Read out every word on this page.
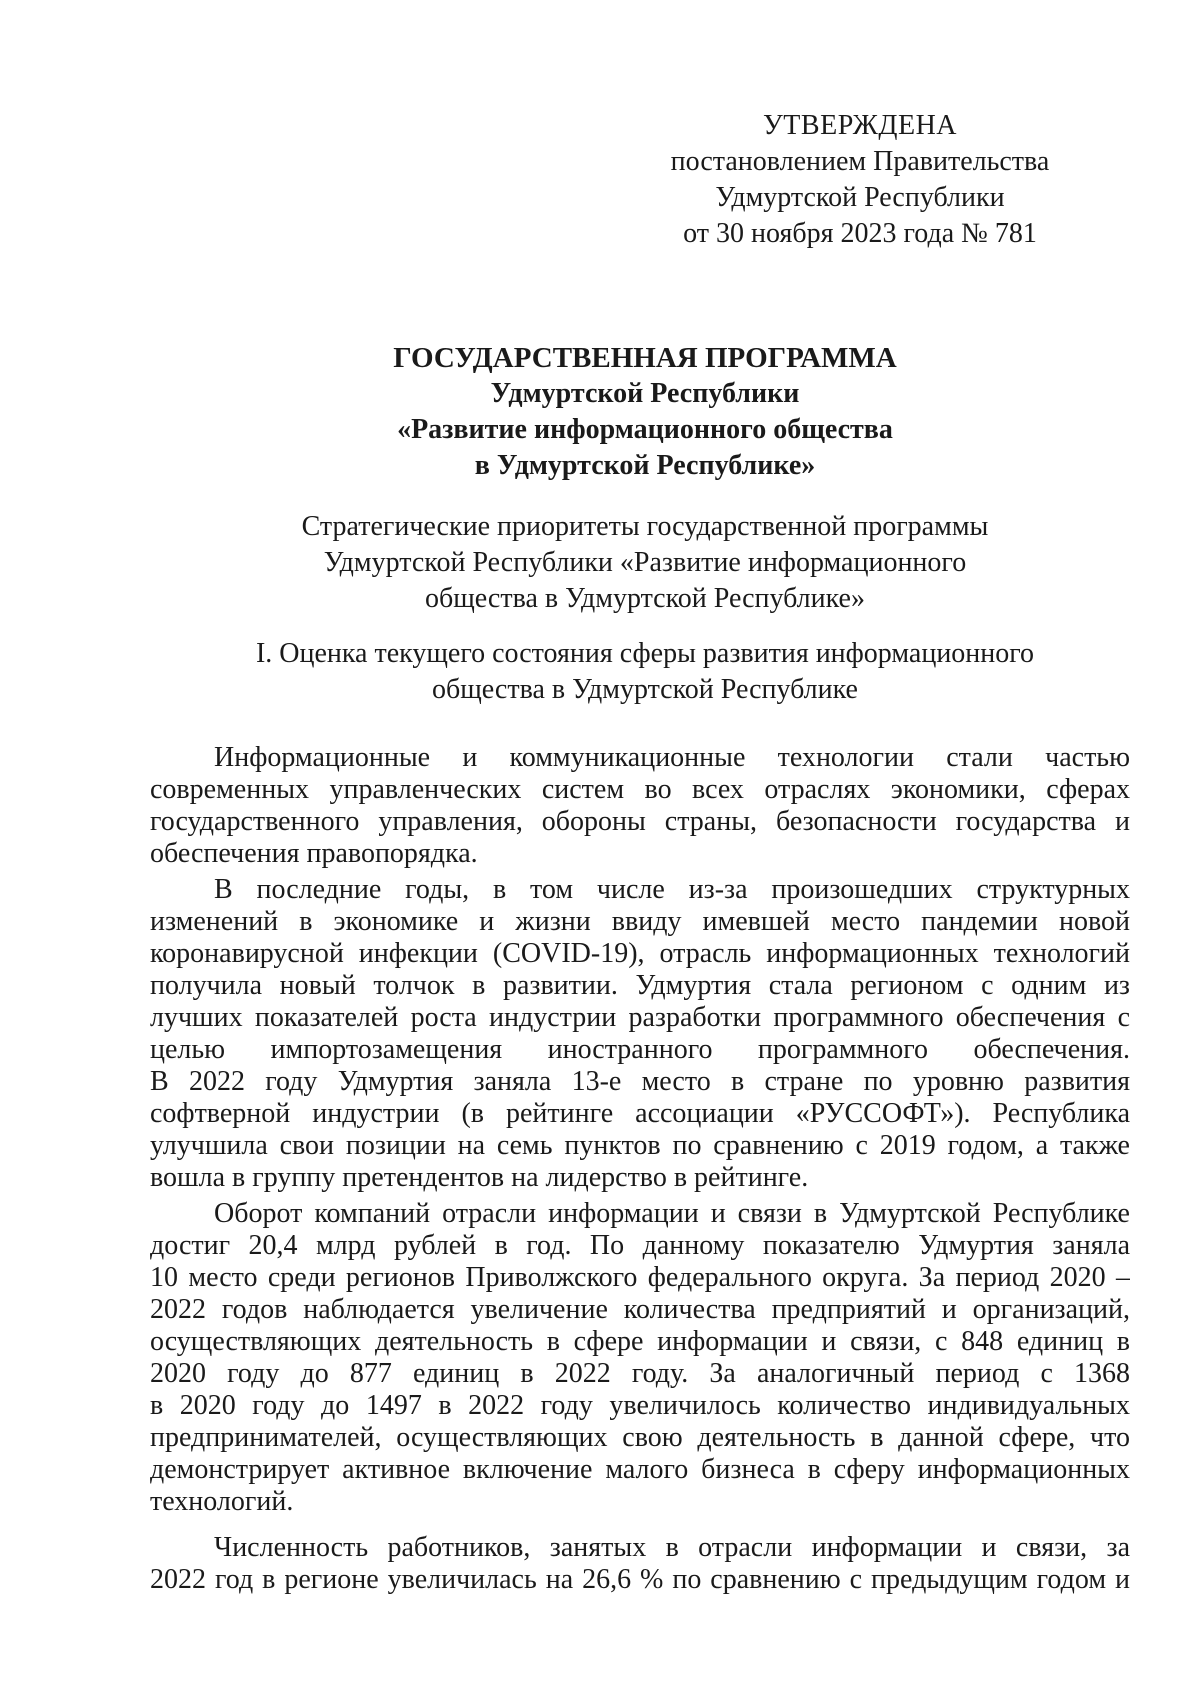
УТВЕРЖДЕНА
постановлением Правительства
Удмуртской Республики
от 30 ноября 2023 года № 781
ГОСУДАРСТВЕННАЯ ПРОГРАММА
Удмуртской Республики
«Развитие информационного общества
в Удмуртской Республике»
Стратегические приоритеты государственной программы
Удмуртской Республики «Развитие информационного
общества в Удмуртской Республике»
I. Оценка текущего состояния сферы развития информационного
общества в Удмуртской Республике

Информационные и коммуникационные технологии стали частью
современных управленческих систем во всех отраслях экономики, сферах
государственного управления, обороны страны, безопасности государства и
обеспечения правопорядка.

В последние годы, в том числе из-за произошедших структурных
изменений в экономике и жизни ввиду имевшей место пандемии новой
коронавирусной инфекции (COVID-19), отрасль информационных технологий
получила новый толчок в развитии. Удмуртия стала регионом с одним из
лучших показателей роста индустрии разработки программного обеспечения с
целью импортозамещения иностранного программного обеспечения.
В 2022 году Удмуртия заняла 13-е место в стране по уровню развития
софтверной индустрии (в рейтинге ассоциации «РУССОФТ»). Республика
улучшила свои позиции на семь пунктов по сравнению с 2019 годом, а также
вошла в группу претендентов на лидерство в рейтинге.

Оборот компаний отрасли информации и связи в Удмуртской Республике
достиг 20,4 млрд рублей в год. По данному показателю Удмуртия заняла
10 место среди регионов Приволжского федерального округа. За период 2020 –
2022 годов наблюдается увеличение количества предприятий и организаций,
осуществляющих деятельность в сфере информации и связи, с 848 единиц в
2020 году до 877 единиц в 2022 году. За аналогичный период с 1368
в 2020 году до 1497 в 2022 году увеличилось количество индивидуальных
предпринимателей, осуществляющих свою деятельность в данной сфере, что
демонстрирует активное включение малого бизнеса в сферу информационных
технологий.

Численность работников, занятых в отрасли информации и связи, за
2022 год в регионе увеличилась на 26,6 % по сравнению с предыдущим годом и
